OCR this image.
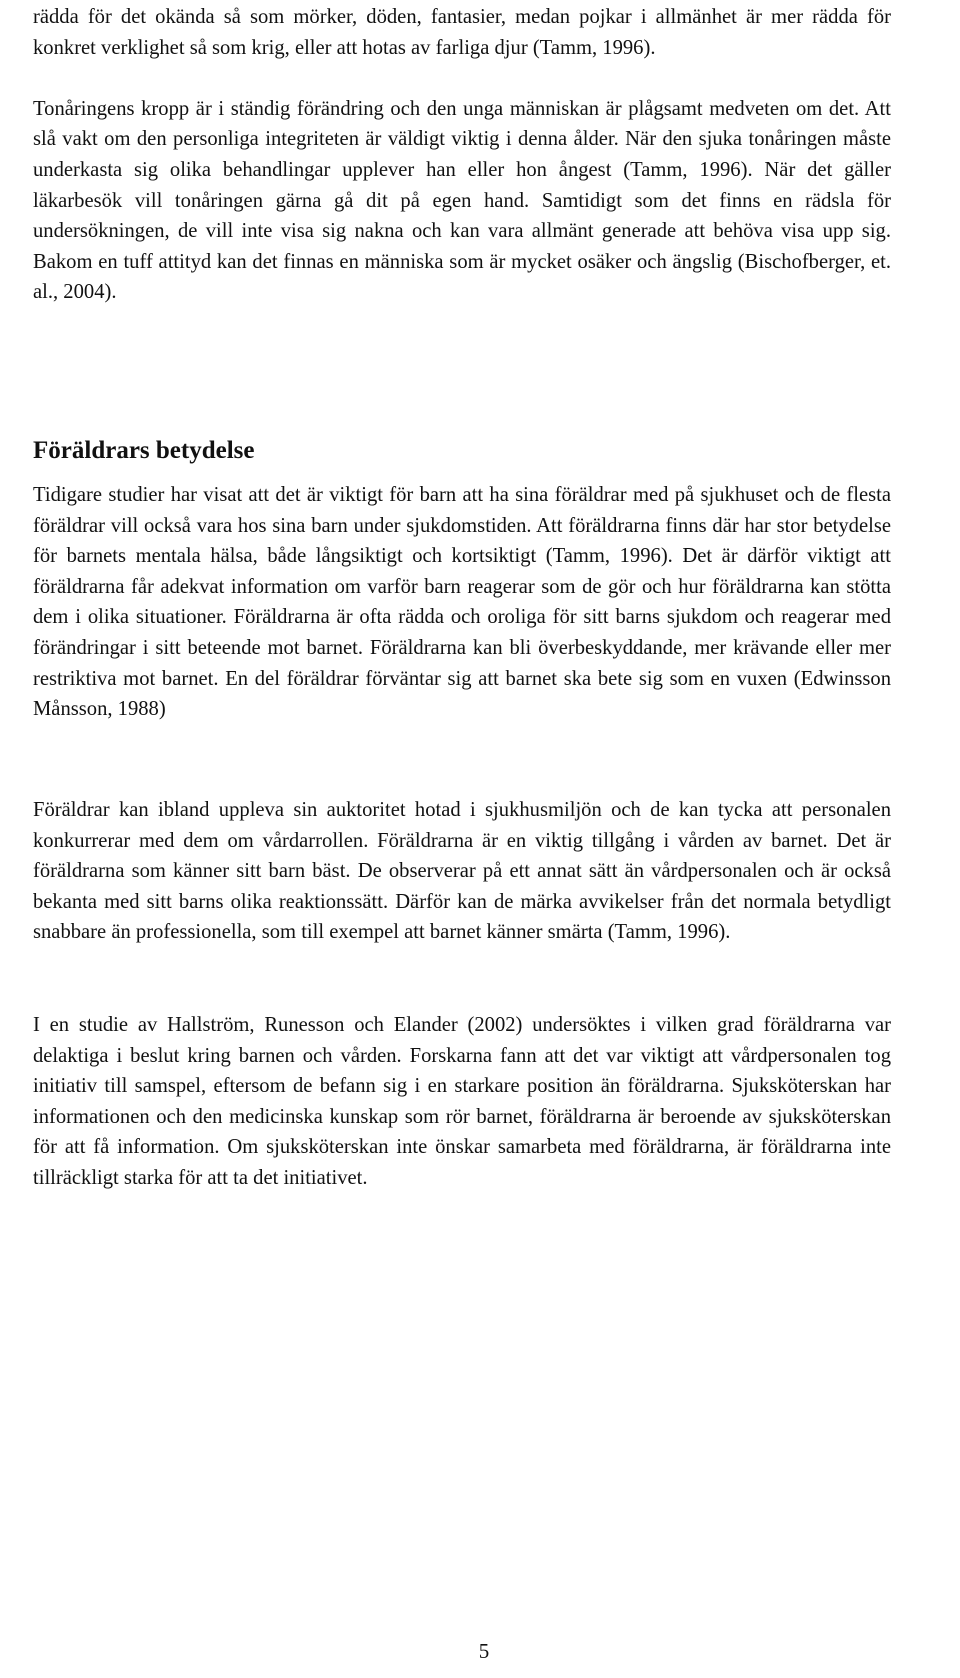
rädda för det okända så som mörker, döden, fantasier, medan pojkar i allmänhet är mer rädda för konkret verklighet så som krig, eller att hotas av farliga djur (Tamm, 1996).

Tonåringens kropp är i ständig förändring och den unga människan är plågsamt medveten om det. Att slå vakt om den personliga integriteten är väldigt viktig i denna ålder. När den sjuka tonåringen måste underkasta sig olika behandlingar upplever han eller hon ångest (Tamm, 1996). När det gäller läkarbesök vill tonåringen gärna gå dit på egen hand. Samtidigt som det finns en rädsla för undersökningen, de vill inte visa sig nakna och kan vara allmänt generade att behöva visa upp sig. Bakom en tuff attityd kan det finnas en människa som är mycket osäker och ängslig (Bischofberger, et. al., 2004).

Föräldrars betydelse

Tidigare studier har visat att det är viktigt för barn att ha sina föräldrar med på sjukhuset och de flesta föräldrar vill också vara hos sina barn under sjukdomstiden. Att föräldrarna finns där har stor betydelse för barnets mentala hälsa, både långsiktigt och kortsiktigt (Tamm, 1996). Det är därför viktigt att föräldrarna får adekvat information om varför barn reagerar som de gör och hur föräldrarna kan stötta dem i olika situationer. Föräldrarna är ofta rädda och oroliga för sitt barns sjukdom och reagerar med förändringar i sitt beteende mot barnet. Föräldrarna kan bli överbeskyddande, mer krävande eller mer restriktiva mot barnet. En del föräldrar förväntar sig att barnet ska bete sig som en vuxen (Edwinsson Månsson, 1988)

Föräldrar kan ibland uppleva sin auktoritet hotad i sjukhusmiljön och de kan tycka att personalen konkurrerar med dem om vårdarrollen. Föräldrarna är en viktig tillgång i vården av barnet. Det är föräldrarna som känner sitt barn bäst. De observerar på ett annat sätt än vårdpersonalen och är också bekanta med sitt barns olika reaktionssätt. Därför kan de märka avvikelser från det normala betydligt snabbare än professionella, som till exempel att barnet känner smärta (Tamm, 1996).

I en studie av Hallström, Runesson och Elander (2002) undersöktes i vilken grad föräldrarna var delaktiga i beslut kring barnen och vården. Forskarna fann att det var viktigt att vårdpersonalen tog initiativ till samspel, eftersom de befann sig i en starkare position än föräldrarna. Sjuksköterskan har informationen och den medicinska kunskap som rör barnet, föräldrarna är beroende av sjuksköterskan för att få information. Om sjuksköterskan inte önskar samarbeta med föräldrarna, är föräldrarna inte tillräckligt starka för att ta det initiativet.

5
